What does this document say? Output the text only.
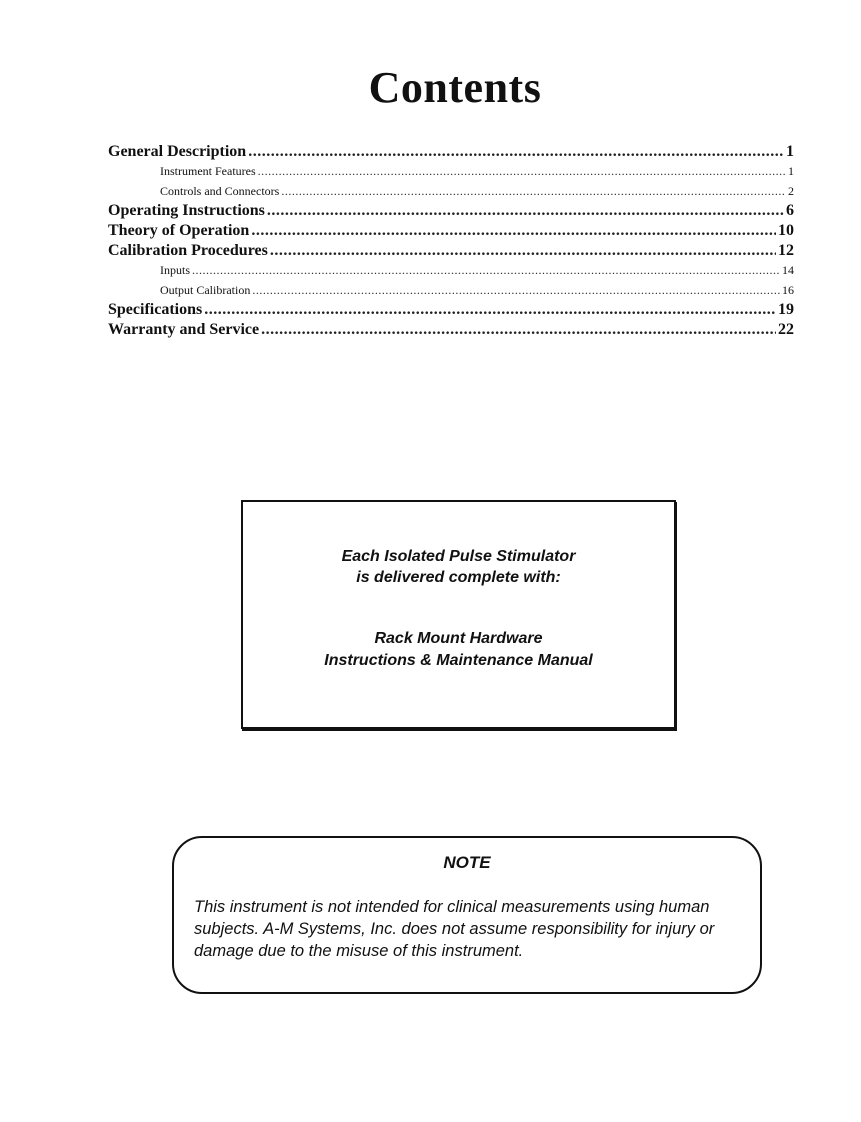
Contents
General Description .....	1
Instrument Features .....	1
Controls and Connectors .....	2
Operating Instructions .....	6
Theory of Operation .....	10
Calibration Procedures .....	12
Inputs .....	14
Output Calibration .....	16
Specifications .....	19
Warranty and Service .....	22
Each Isolated Pulse Stimulator
is delivered complete with:
Rack Mount Hardware
Instructions & Maintenance Manual
NOTE
This instrument is not intended for clinical measurements using human
subjects. A-M Systems, Inc. does not assume responsibility for injury or
damage due to the misuse of this instrument.
